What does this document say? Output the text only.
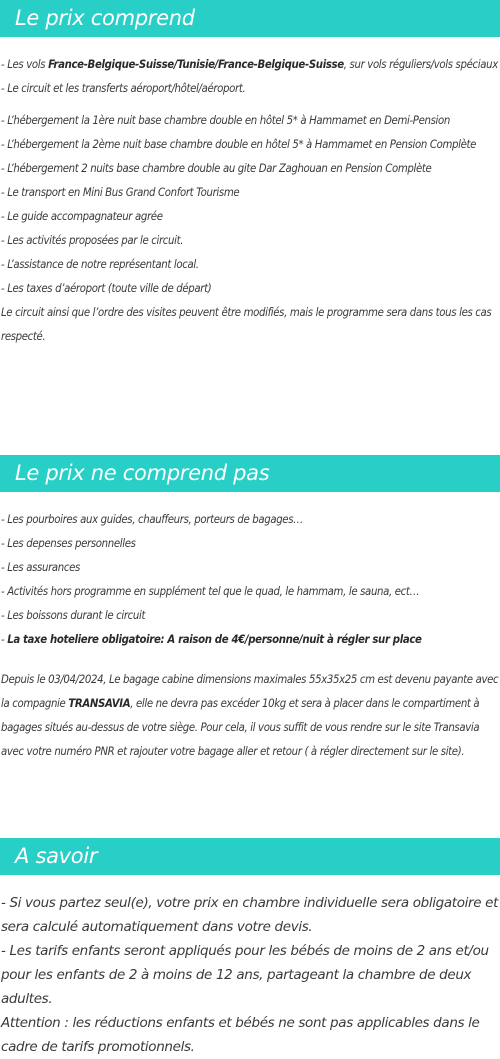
Le prix comprend

- Les vols France-Belgique-Suisse/Tunisie/France-Belgique-Suisse, sur vols réguliers/vols spéciaux

- Le circuit et les transferts aéroport/hôtel/aéroport.

- L’hébergement la 1ère nuit base chambre double en hôtel 5* à Hammamet en Demi-Pension

- L’hébergement la 2ème nuit base chambre double en hôtel 5* à Hammamet en Pension Complète

- L’hébergement 2 nuits base chambre double au gite Dar Zaghouan en Pension Complète

- Le transport en Mini Bus Grand Confort Tourisme

- Le guide accompagnateur agrée

- Les activités proposées par le circuit.

- L’assistance de notre représentant local.

- Les taxes d’aéroport (toute ville de départ)

Le circuit ainsi que l’ordre des visites peuvent être modifiés, mais le programme sera dans tous les cas respecté.

Le prix ne comprend pas

- Les pourboires aux guides, chauffeurs, porteurs de bagages…

- Les depenses personnelles

- Les assurances

- Activités hors programme en supplément tel que le quad, le hammam, le sauna, ect…

- Les boissons durant le circuit

- La taxe hoteliere obligatoire: A raison de 4€/personne/nuit à régler sur place

Depuis le 03/04/2024, Le bagage cabine dimensions maximales 55x35x25 cm est devenu payante avec la compagnie TRANSAVIA, elle ne devra pas excéder 10kg et sera à placer dans le compartiment à bagages situés au-dessus de votre siège. Pour cela, il vous suffit de vous rendre sur le site Transavia avec votre numéro PNR et rajouter votre bagage aller et retour ( à régler directement sur le site).

A savoir

- Si vous partez seul(e), votre prix en chambre individuelle sera obligatoire et sera calculé automatiquement dans votre devis.

- Les tarifs enfants seront appliqués pour les bébés de moins de 2 ans et/ou pour les enfants de 2 à moins de 12 ans, partageant la chambre de deux adultes.

Attention : les réductions enfants et bébés ne sont pas applicables dans le cadre de tarifs promotionnels.
